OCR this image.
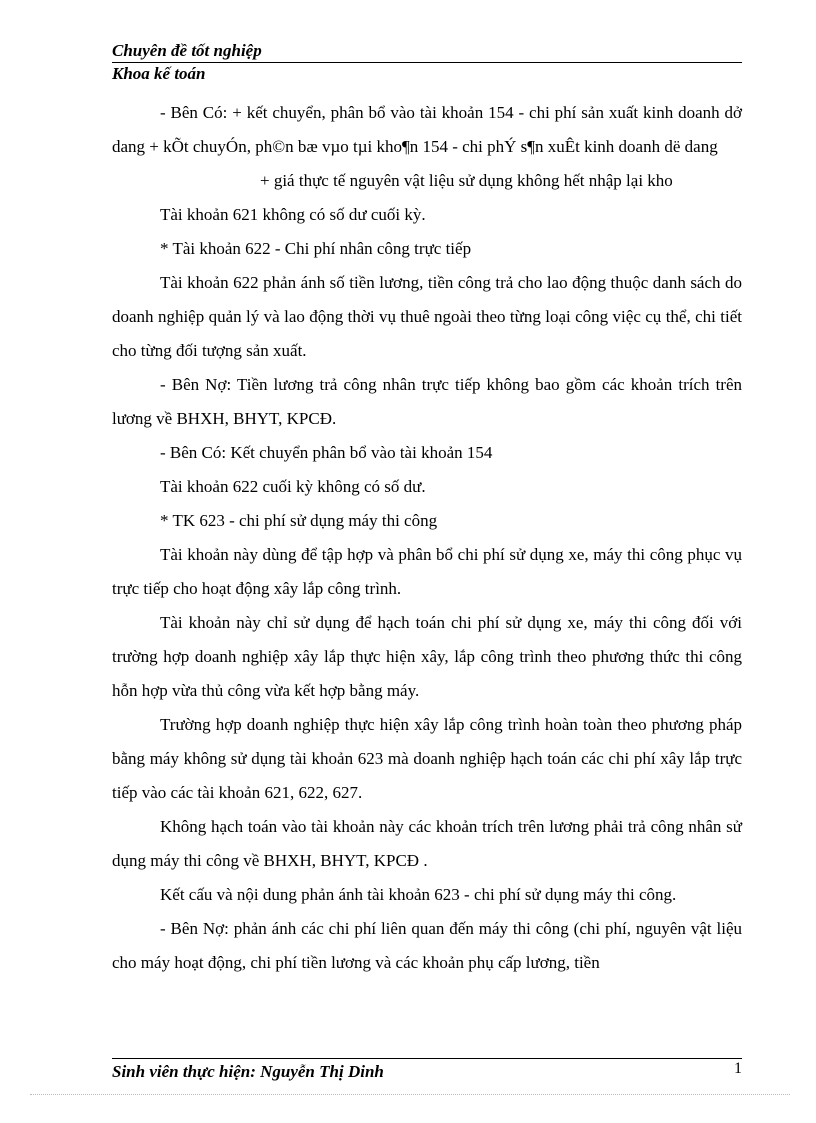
Chuyên đề tốt nghiệp
Khoa kế toán

- Bên Có: + kết chuyển, phân bổ vào tài khoản 154 - chi phí sản xuất kinh doanh dở dang + kÕt chuyÓn, ph©n bæ vµo tµi kho¶n 154 - chi phÝ s¶n xuÊt kinh doanh dë dang

+ giá thực tế nguyên vật liệu sử dụng không hết nhập lại kho

Tài khoản 621 không có số dư cuối kỳ.

* Tài khoản 622 - Chi phí nhân công trực tiếp

Tài khoản 622 phản ánh số tiền lương, tiền công trả cho lao động thuộc danh sách do doanh nghiệp quản lý và lao động thời vụ thuê ngoài theo từng loại công việc cụ thể, chi tiết cho từng đối tượng sản xuất.

- Bên Nợ: Tiền lương trả công nhân trực tiếp không bao gồm các khoản trích trên lương về BHXH, BHYT, KPCĐ.

- Bên Có: Kết chuyển phân bổ vào tài khoản 154

Tài khoản 622 cuối kỳ không có số dư.

* TK 623 - chi phí sử dụng máy thi công

Tài khoản này dùng để tập hợp và phân bổ chi phí sử dụng xe, máy thi công phục vụ trực tiếp cho hoạt động xây lắp công trình.

Tài khoản này chỉ sử dụng để hạch toán chi phí sử dụng xe, máy thi công đối với trường hợp doanh nghiệp xây lắp thực hiện xây, lắp công trình theo phương thức thi công hỗn hợp vừa thủ công vừa kết hợp bằng máy.

Trường hợp doanh nghiệp thực hiện xây lắp công trình hoàn toàn theo phương pháp bằng máy không sử dụng tài khoản 623 mà doanh nghiệp hạch toán các chi phí xây lắp trực tiếp vào các tài khoản 621, 622, 627.

Không hạch toán vào tài khoản này các khoản trích trên lương phải trả công nhân sử dụng máy thi công về BHXH, BHYT, KPCĐ .

Kết cấu và nội dung phản ánh tài khoản 623 - chi phí sử dụng máy thi công.

- Bên Nợ: phản ánh các chi phí liên quan đến máy thi công (chi phí, nguyên vật liệu cho máy hoạt động, chi phí tiền lương và các khoản phụ cấp lương, tiền

Sinh viên thực hiện: Nguyễn Thị Dinh	1
